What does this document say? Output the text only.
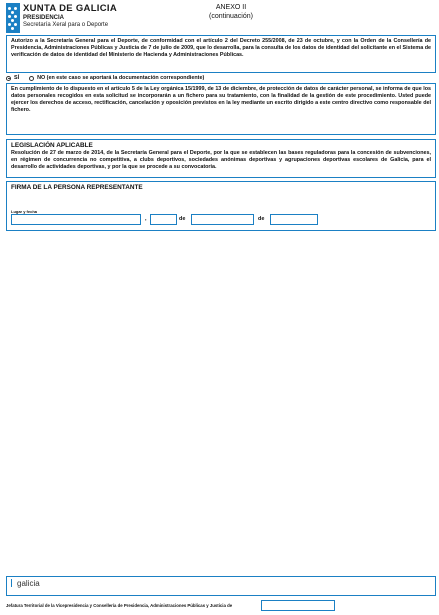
XUNTA DE GALICIA
PRESIDENCIA
Secretaría Xeral para o Deporte
ANEXO II
(continuación)
Autorizo a la Secretaría General para el Deporte, de conformidad con el artículo 2 del Decreto 255/2008, de 23 de octubre, y con la Orden de la Consellería de Presidencia, Administraciones Públicas y Justicia de 7 de julio de 2009, que lo desarrolla, para la consulta de los datos de identidad del solicitante en el Sistema de verificación de datos de identidad del Ministerio de Hacienda y Administraciones Públicas.
SÍ	NO (en este caso se aportará la documentación correspondiente)
En cumplimiento de lo dispuesto en el artículo 5 de la Ley orgánica 15/1999, de 13 de diciembre, de protección de datos de carácter personal, se informa de que los datos personales recogidos en esta solicitud se incorporarán a un fichero para su tratamiento, con la finalidad de la gestión de este procedimiento. Usted puede ejercer los derechos de acceso, rectificación, cancelación y oposición previstos en la ley mediante un escrito dirigido a este centro directivo como responsable del fichero.
LEGISLACIÓN APLICABLE
Resolución de 27 de marzo de 2014, de la Secretaría General para el Deporte, por la que se establecen las bases reguladoras para la concesión de subvenciones, en régimen de concurrencia no competitiva, a clubs deportivos, sociedades anónimas deportivas y agrupaciones deportivas escolares de Galicia, para el desarrollo de actividades deportivas, y por la que se procede a su convocatoria.
FIRMA DE LA PERSONA REPRESENTANTE
Lugar y fecha
,	de	de
galicia
Jefatura Territorial de la Vicepresidencia y Consellería de Presidencia, Administraciones Públicas y Justicia de
